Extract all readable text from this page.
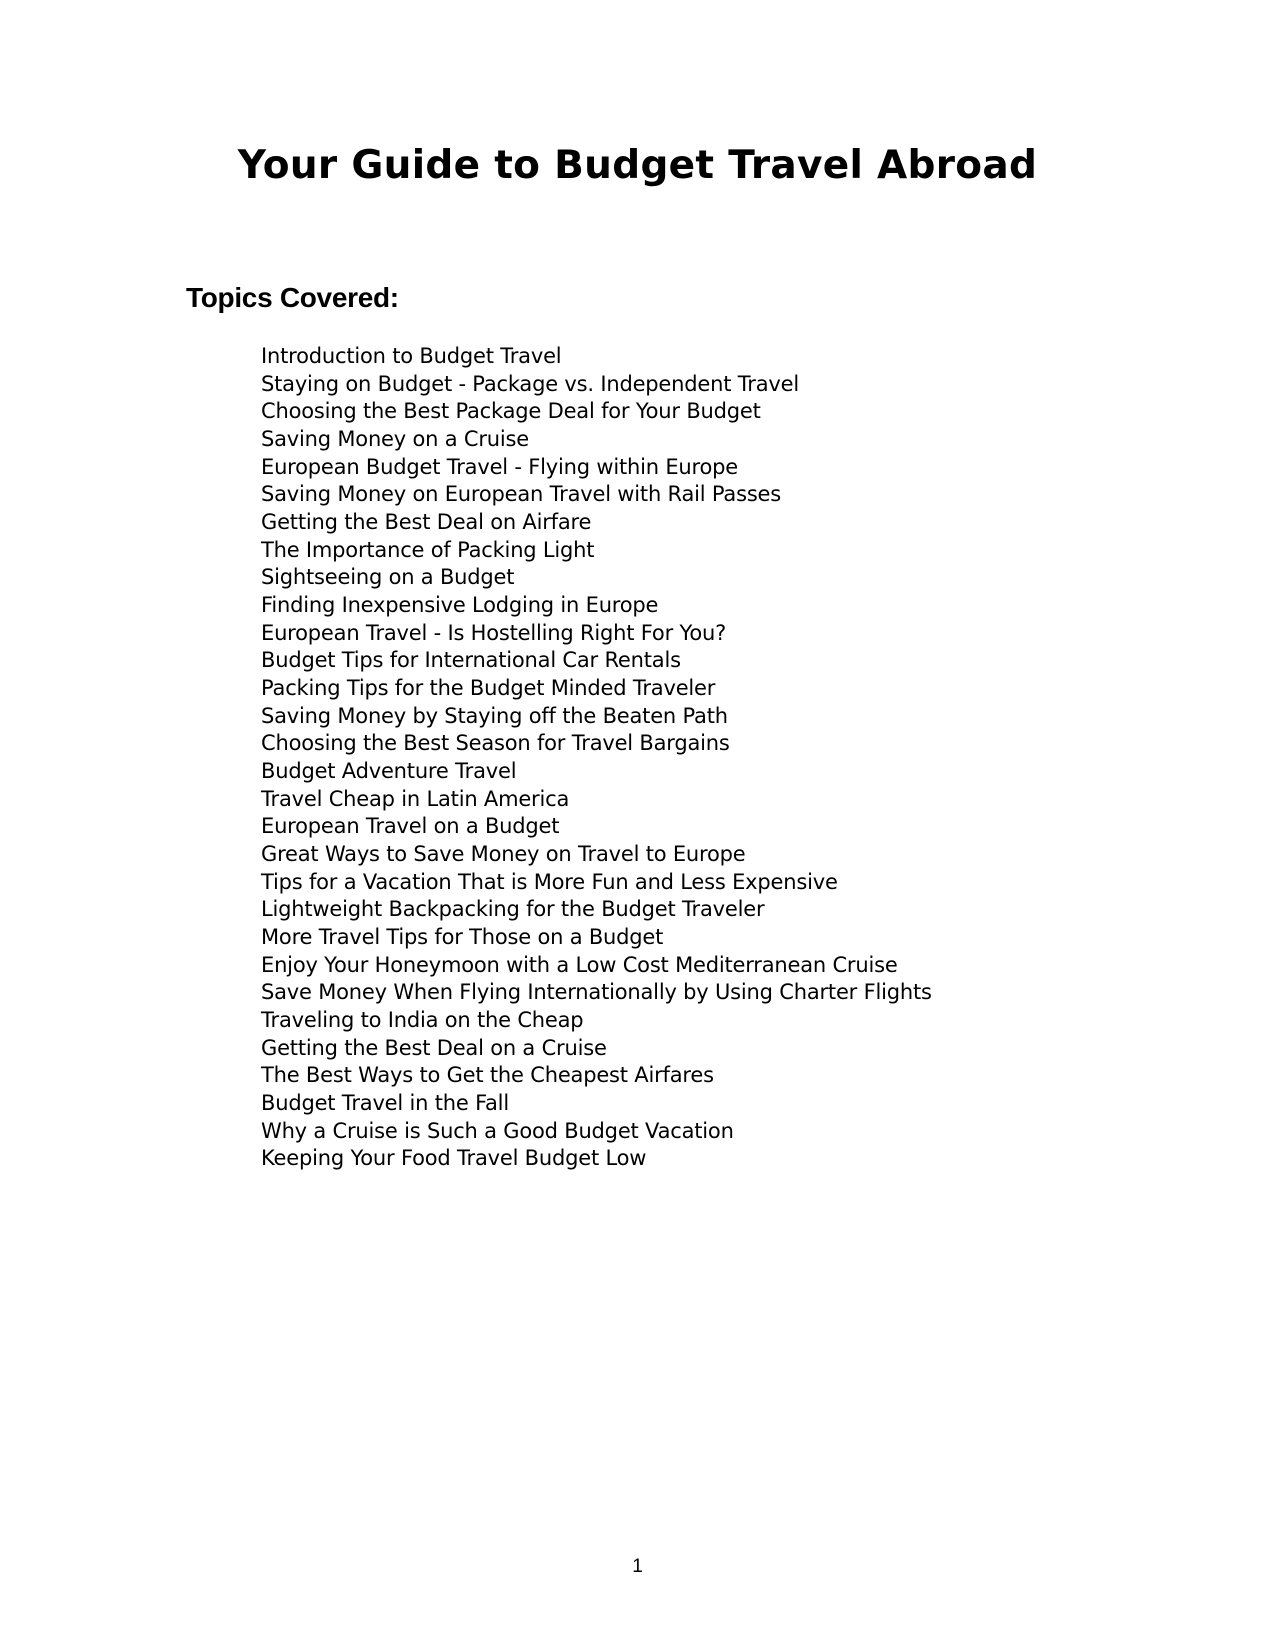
Your Guide to Budget Travel Abroad
Topics Covered:
Introduction to Budget Travel
Staying on Budget - Package vs. Independent Travel
Choosing the Best Package Deal for Your Budget
Saving Money on a Cruise
European Budget Travel - Flying within Europe
Saving Money on European Travel with Rail Passes
Getting the Best Deal on Airfare
The Importance of Packing Light
Sightseeing on a Budget
Finding Inexpensive Lodging in Europe
European Travel - Is Hostelling Right For You?
Budget Tips for International Car Rentals
Packing Tips for the Budget Minded Traveler
Saving Money by Staying off the Beaten Path
Choosing the Best Season for Travel Bargains
Budget Adventure Travel
Travel Cheap in Latin America
European Travel on a Budget
Great Ways to Save Money on Travel to Europe
Tips for a Vacation That is More Fun and Less Expensive
Lightweight Backpacking for the Budget Traveler
More Travel Tips for Those on a Budget
Enjoy Your Honeymoon with a Low Cost Mediterranean Cruise
Save Money When Flying Internationally by Using Charter Flights
Traveling to India on the Cheap
Getting the Best Deal on a Cruise
The Best Ways to Get the Cheapest Airfares
Budget Travel in the Fall
Why a Cruise is Such a Good Budget Vacation
Keeping Your Food Travel Budget Low
1
